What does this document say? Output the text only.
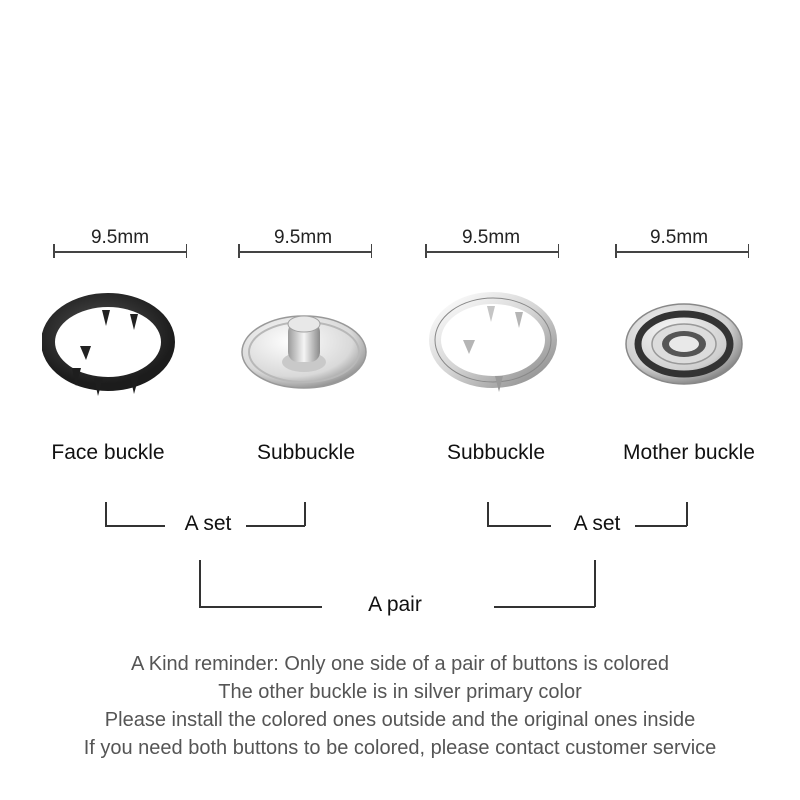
9.5mm	9.5mm	9.5mm	9.5mm
Face buckle	Subbuckle	Subbuckle	Mother buckle
A set	A set
A pair
A Kind reminder: Only one side of a pair of buttons is colored
The other buckle is in silver primary color
Please install the colored ones outside and the original ones inside
If you need both buttons to be colored, please contact customer service
